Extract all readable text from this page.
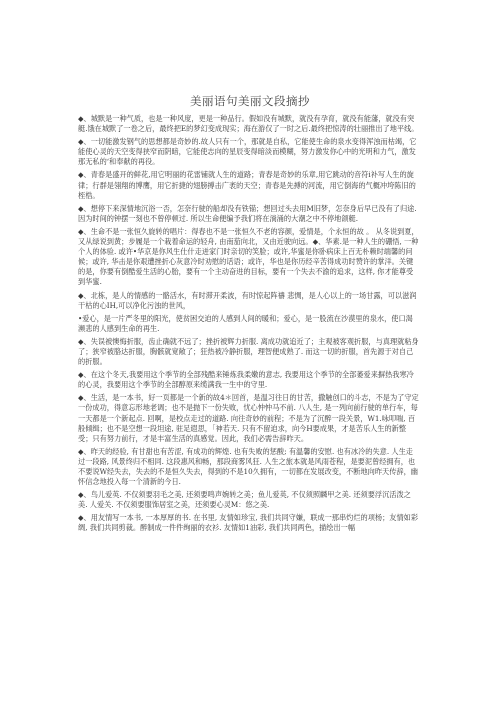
美丽语句美丽文段摘抄

◆、城默是一种气质，也是一种风度，更是一种品行。假如没有城默，就没有孕育，就没有能藩，就没有突艇.饿在城默了一卷之后，最终把E的梦幻变成现实；海在游仅了一时之后.最终把惊涛的壮丽推出了地平线。

◆、一切能激发钢气的思想都是奇妙的.故人只有一个，那就是自私，它能使生命的泉水变得浑浊而枯竭，它能使心灵的天空变得狭窄而阴暗，它能使志向的星辰变得暗淡而模糊，努力激发你心中的光明和力气，激发那无私的‘和奉献的再役。

◆、青春是盛开的鲜花,用它明丽的花雷铺就人生的道路；青春是奇妙的乐章,用它跳动的音符i补写人生的旋律；行群是翎翔的博鹰，用它折捷的翅膀搏击广袤的天空；青春是先搏的河流，用它倒海的气概冲垮陈旧的桎梏。

◆、想停下来深情地沉浴一否，怎奈行驶的船却没有铁锚；想回过头去用M旧梦，怎奈身后早已没有了归途. 因为时间的钟摆一刻也不曾停顿过. 所以生命便编予我们将在淌涌的大潮之中不停地颌艇.

◆、生命不是一张恒久旋转的唱片：得春也不是一张恒久不老的容颜，爱情是，个永恒的故 。 从冬说到夏，又从绿说到黄；步履是一个栽着命运的轻舟, 由南茄向北，又由近驶向远。◆、华素.是一种人生的硼悟, 一种个人的体验. 或许•华京是你风生仕什走迸家门时亲切的笑脸；或许,华蜜是你卧病床上百无朴赖时端馨的问候；或许, 华击是你艰遭挫折心灰意冷时劝慰的话语；或许，华也是你历经辛苦得成功时赞许的掌洋。关键的是，你要有倒酷爱生活的心胎，要有一个主动奋进的目标，要有一个失去不渝的追求，这样, 你才能尊受到华蜜.

◆、北栋，是人的情感的一骼活水，有时滞开柔波，有时惊起阵禱 悲惆，是人心以上的一场甘露，可以滋润干枯的心IH,可以净化污浊的世风，

•爱心，是一片严冬里的阳光，使贫困交迫的人感到人间的暖和；爱心，是一股流在沙漠里的泉水，使口渴濒悲的人感到生命的再生.

◆、失误被懊悔折服，齿止确就不远了；挫折被辉力折服. 离成功就追近了；主观被客观折服，与真理就粘身了；狭窄被胳达折服，胸骸就宽敞了；狂热被冷静折服，理智便成熟了. 而这一切的折服，首先源于对自己的折服。

◆、在这个冬天,我要用这个季节的全部残酷来锤炼我柔嫩的意志, 我要用这个季节的全部萎爱来摒热我寒冷的心灵，我要用这个季节的全部醇原来缆满我一生中的守里.

◆、生活，是一本书，好一页都是一个新的故4＊回首，是温习往日的甘苦，撒触创口的斗志，不是为了守定一份成功，得意忘形地老调；也不是抛下一份失败，忧心忡忡马不前. 八人生, 是一列向前行驶的单行车，每一天都是一个新起点. 回啊，是校点走过的道路. 向往奇妙的前程；不是为了沉醉一段关景，W1.咏叩喘, 百般倾缉；也不是空想一段坦途, 驻足遐思，「神若天. 只有不留迫求，向今H要成果，才是苦乐人生的新整受；只有努力前行，才是丰富生活的真感觉。因此，我们必需告辞昨天。

◆、昨天的经验, 有甘甜也有苦涩, 有成功的辉煌. 也有失败的惩酸; 有温馨的安慰. 也有冰冷的失意. 人生走过一段路, 风景终归不相同. 这段惠风和畅，那段商雾风狂. 人生之旅本就是风雨苍程，是要泥曾经拥有，也不要说W经失去，失去的不是恒久失去，得到的不是10久拥有，一切都在发展改变，不断地向昨天传辞，幽怀信念地投入每一个清新的今日.

◆、鸟儿爱英. 不仅须要羽毛之美, 还须要鸣声婉转之美；鱼儿爱英, 不仅须照麟甲之美. 还须要浮沉活泼之美. 人爱关. 不仅须要服饰居室之美，还须要心灵M：悠之美.

◆、用友情写一本书, 一本厚厚的书. 在书里, 友情如珍宝, 我们共同守嫌，联成一那串灼烂的项杨；友情如彩绸, 我们共同剪裁。醉制成一件件绚丽的衣衫. 友情如1油彩, 我们共同两色，描绘出一幅
